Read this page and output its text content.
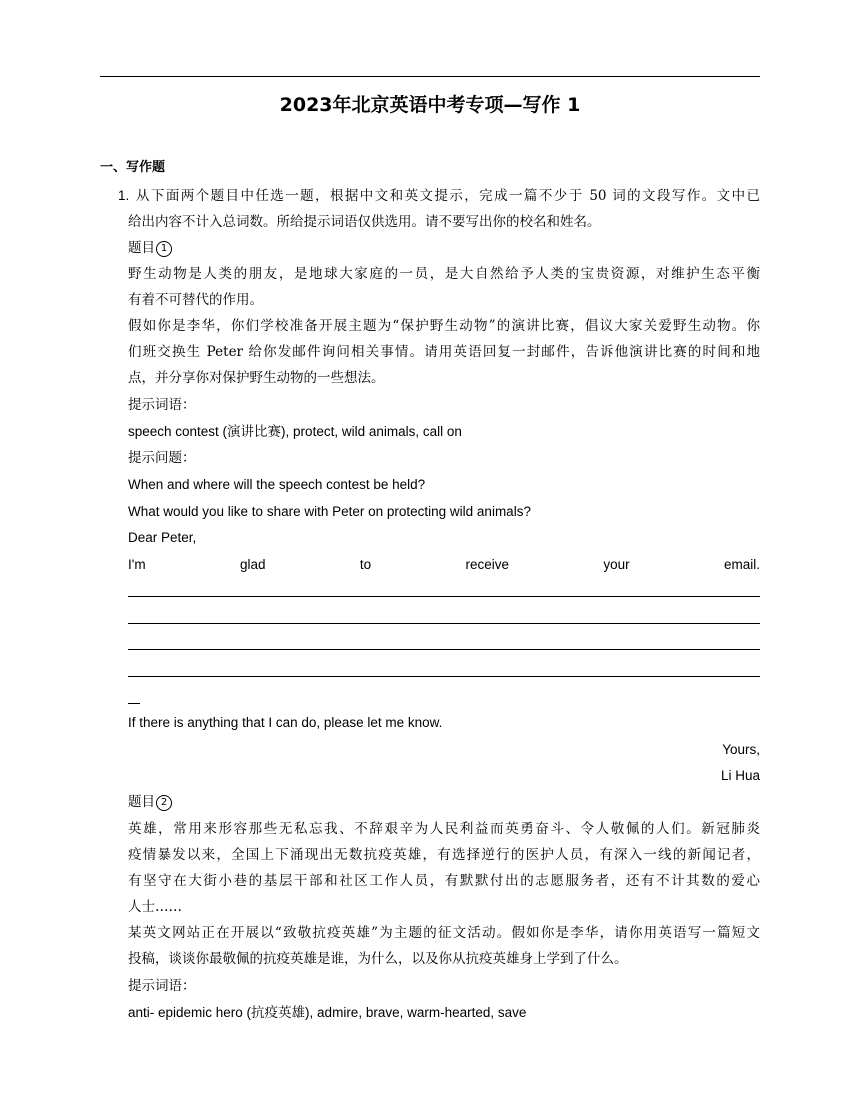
2023年北京英语中考专项—写作 1
一、写作题
1. 从下面两个题目中任选一题，根据中文和英文提示，完成一篇不少于 50 词的文段写作。文中已
给出内容不计入总词数。所给提示词语仅供选用。请不要写出你的校名和姓名。
题目 1
野生动物是人类的朋友，是地球大家庭的一员，是大自然给予人类的宝贵资源，对维护生态平衡
有着不可替代的作用。
假如你是李华，你们学校准备开展主题为“保护野生动物”的演讲比赛，倡议大家关爱野生动物。你
们班交换生 Peter 给你发邮件询问相关事情。请用英语回复一封邮件，告诉他演讲比赛的时间和地
点，并分享你对保护野生动物的一些想法。
提示词语：
speech contest (演讲比赛), protect, wild animals, call on
提示问题：
When and where will the speech contest be held?
What would you like to share with Peter on protecting wild animals?
Dear Peter,
I'm	glad	to	receive	your	email.
If there is anything that I can do, please let me know.
Yours,
Li Hua
题目 2
英雄，常用来形容那些无私忘我、不辞艰辛为人民利益而英勇奋斗、令人敬佩的人们。新冠肺炎
疫情暴发以来，全国上下涌现出无数抗疫英雄，有选择逆行的医护人员，有深入一线的新闻记者，
有坚守在大街小巷的基层干部和社区工作人员，有默默付出的志愿服务者，还有不计其数的爱心
人士……
某英文网站正在开展以“致敬抗疫英雄”为主题的征文活动。假如你是李华，请你用英语写一篇短文
投稿，谈谈你最敬佩的抗疫英雄是谁，为什么，以及你从抗疫英雄身上学到了什么。
提示词语：
anti- epidemic hero (抗疫英雄), admire, brave, warm-hearted, save
